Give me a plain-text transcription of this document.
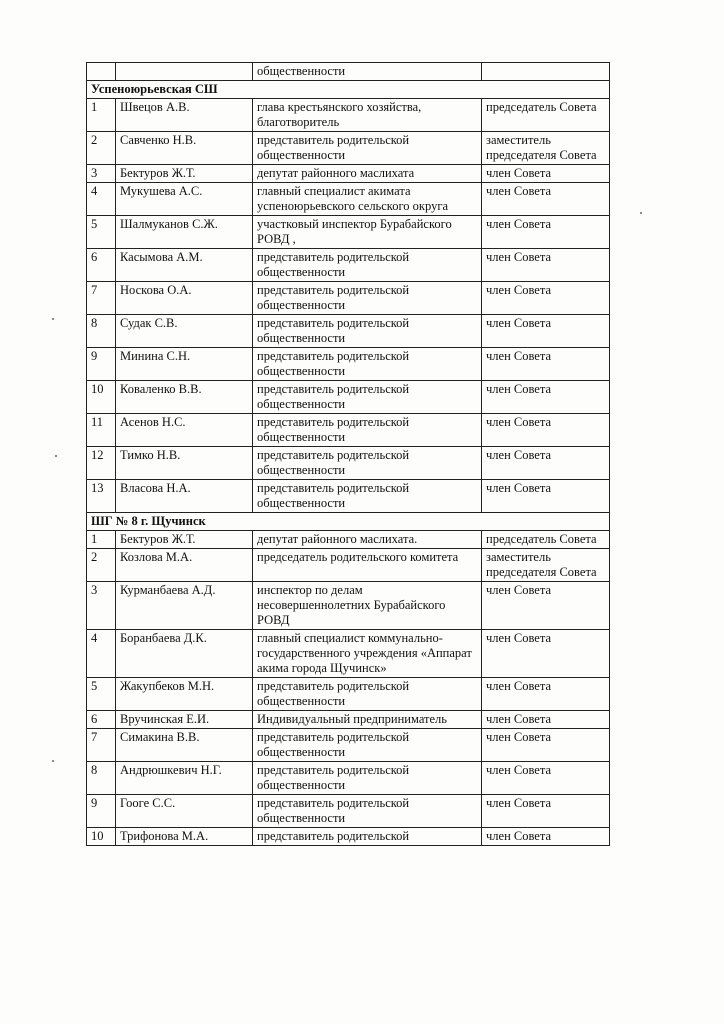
		общественности	
Успеноюрьевская СШ			
1	Швецов А.В.	глава крестьянского хозяйства, благотворитель	председатель Совета
2	Савченко Н.В.	представитель родительской общественности	заместитель председателя Совета
3	Бектуров Ж.Т.	депутат районного маслихата	член Совета
4	Мукушева А.С.	главный специалист акимата успеноюрьевского сельского округа	член Совета
5	Шалмуканов С.Ж.	участковый инспектор Бурабайского РОВД ,	член Совета
6	Касымова А.М.	представитель родительской общественности	член Совета
7	Носкова О.А.	представитель родительской общественности	член Совета
8	Судак С.В.	представитель родительской общественности	член Совета
9	Минина С.Н.	представитель родительской общественности	член Совета
10	Коваленко В.В.	представитель родительской общественности	член Совета
11	Асенов Н.С.	представитель родительской общественности	член Совета
12	Тимко Н.В.	представитель родительской общественности	член Совета
13	Власова Н.А.	представитель родительской общественности	член Совета
ШГ № 8 г. Щучинск			
1	Бектуров Ж.Т.	депутат районного маслихата.	председатель Совета
2	Козлова М.А.	председатель родительского комитета	заместитель председателя Совета
3	Курманбаева А.Д.	инспектор по делам несовершеннолетних Бурабайского РОВД	член Совета
4	Боранбаева Д.К.	главный специалист коммунально-государственного учреждения «Аппарат акима города Щучинск»	член Совета
5	Жакупбеков М.Н.	представитель родительской общественности	член Совета
6	Вручинская Е.И.	Индивидуальный предприниматель	член Совета
7	Симакина В.В.	представитель родительской общественности	член Совета
8	Андрюшкевич Н.Г.	представитель родительской общественности	член Совета
9	Гооге С.С.	представитель родительской общественности	член Совета
10	Трифонова М.А.	представитель родительской	член Совета
